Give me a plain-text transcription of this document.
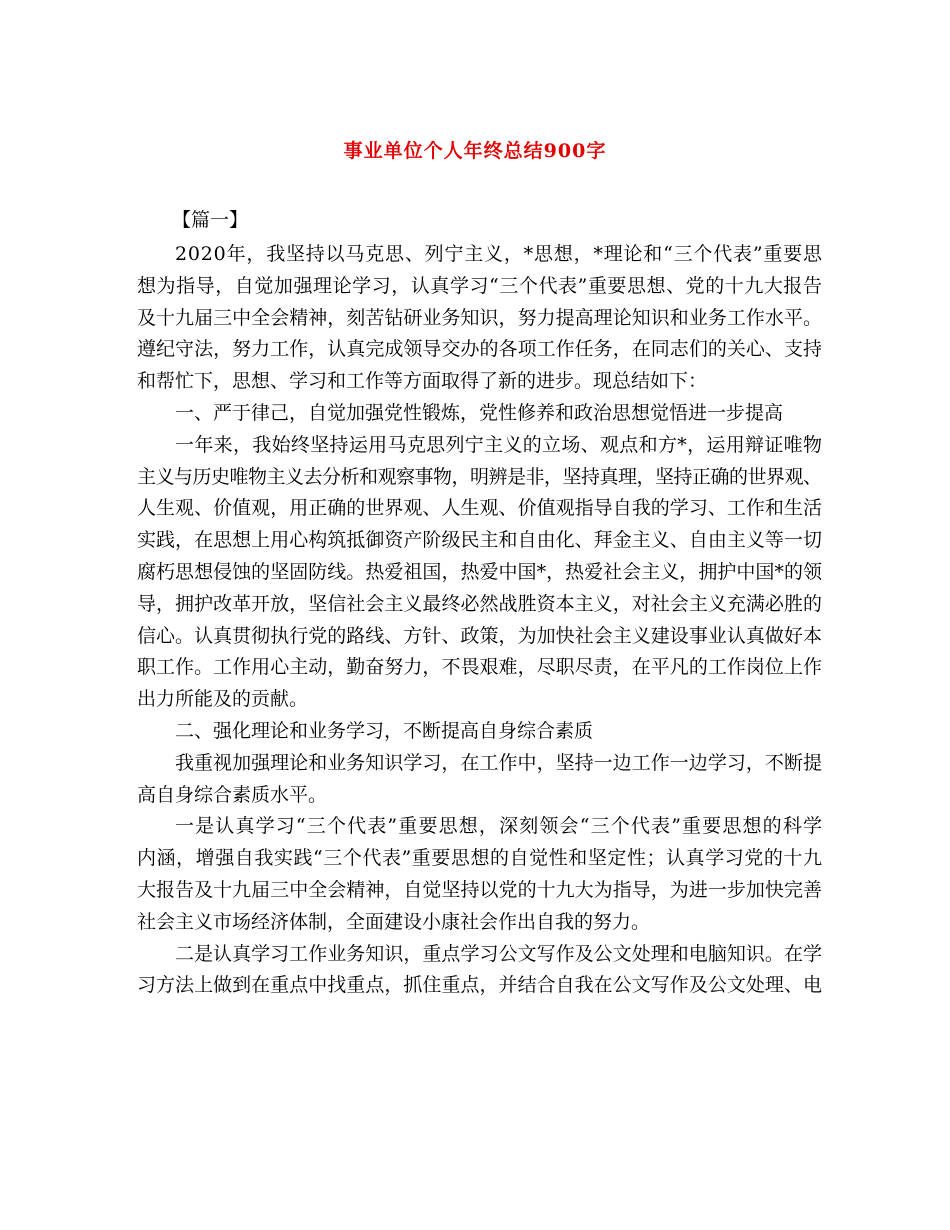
事业单位个人年终总结900字
【篇一】
2020年，我坚持以马克思、列宁主义，*思想，*理论和“三个代表”重要思
想为指导，自觉加强理论学习，认真学习“三个代表”重要思想、党的十九大报告
及十九届三中全会精神，刻苦钻研业务知识，努力提高理论知识和业务工作水平。
遵纪守法，努力工作，认真完成领导交办的各项工作任务，在同志们的关心、支持
和帮忙下，思想、学习和工作等方面取得了新的进步。现总结如下：
一、严于律己，自觉加强党性锻炼，党性修养和政治思想觉悟进一步提高
一年来，我始终坚持运用马克思列宁主义的立场、观点和方*，运用辩证唯物
主义与历史唯物主义去分析和观察事物，明辨是非，坚持真理，坚持正确的世界观、
人生观、价值观，用正确的世界观、人生观、价值观指导自我的学习、工作和生活
实践，在思想上用心构筑抵御资产阶级民主和自由化、拜金主义、自由主义等一切
腐朽思想侵蚀的坚固防线。热爱祖国，热爱中国*，热爱社会主义，拥护中国*的领
导，拥护改革开放，坚信社会主义最终必然战胜资本主义，对社会主义充满必胜的
信心。认真贯彻执行党的路线、方针、政策，为加快社会主义建设事业认真做好本
职工作。工作用心主动，勤奋努力，不畏艰难，尽职尽责，在平凡的工作岗位上作
出力所能及的贡献。
二、强化理论和业务学习，不断提高自身综合素质
我重视加强理论和业务知识学习，在工作中，坚持一边工作一边学习，不断提
高自身综合素质水平。
一是认真学习“三个代表”重要思想，深刻领会“三个代表”重要思想的科学
内涵，增强自我实践“三个代表”重要思想的自觉性和坚定性；认真学习党的十九
大报告及十九届三中全会精神，自觉坚持以党的十九大为指导，为进一步加快完善
社会主义市场经济体制，全面建设小康社会作出自我的努力。
二是认真学习工作业务知识，重点学习公文写作及公文处理和电脑知识。在学
习方法上做到在重点中找重点，抓住重点，并结合自我在公文写作及公文处理、电
